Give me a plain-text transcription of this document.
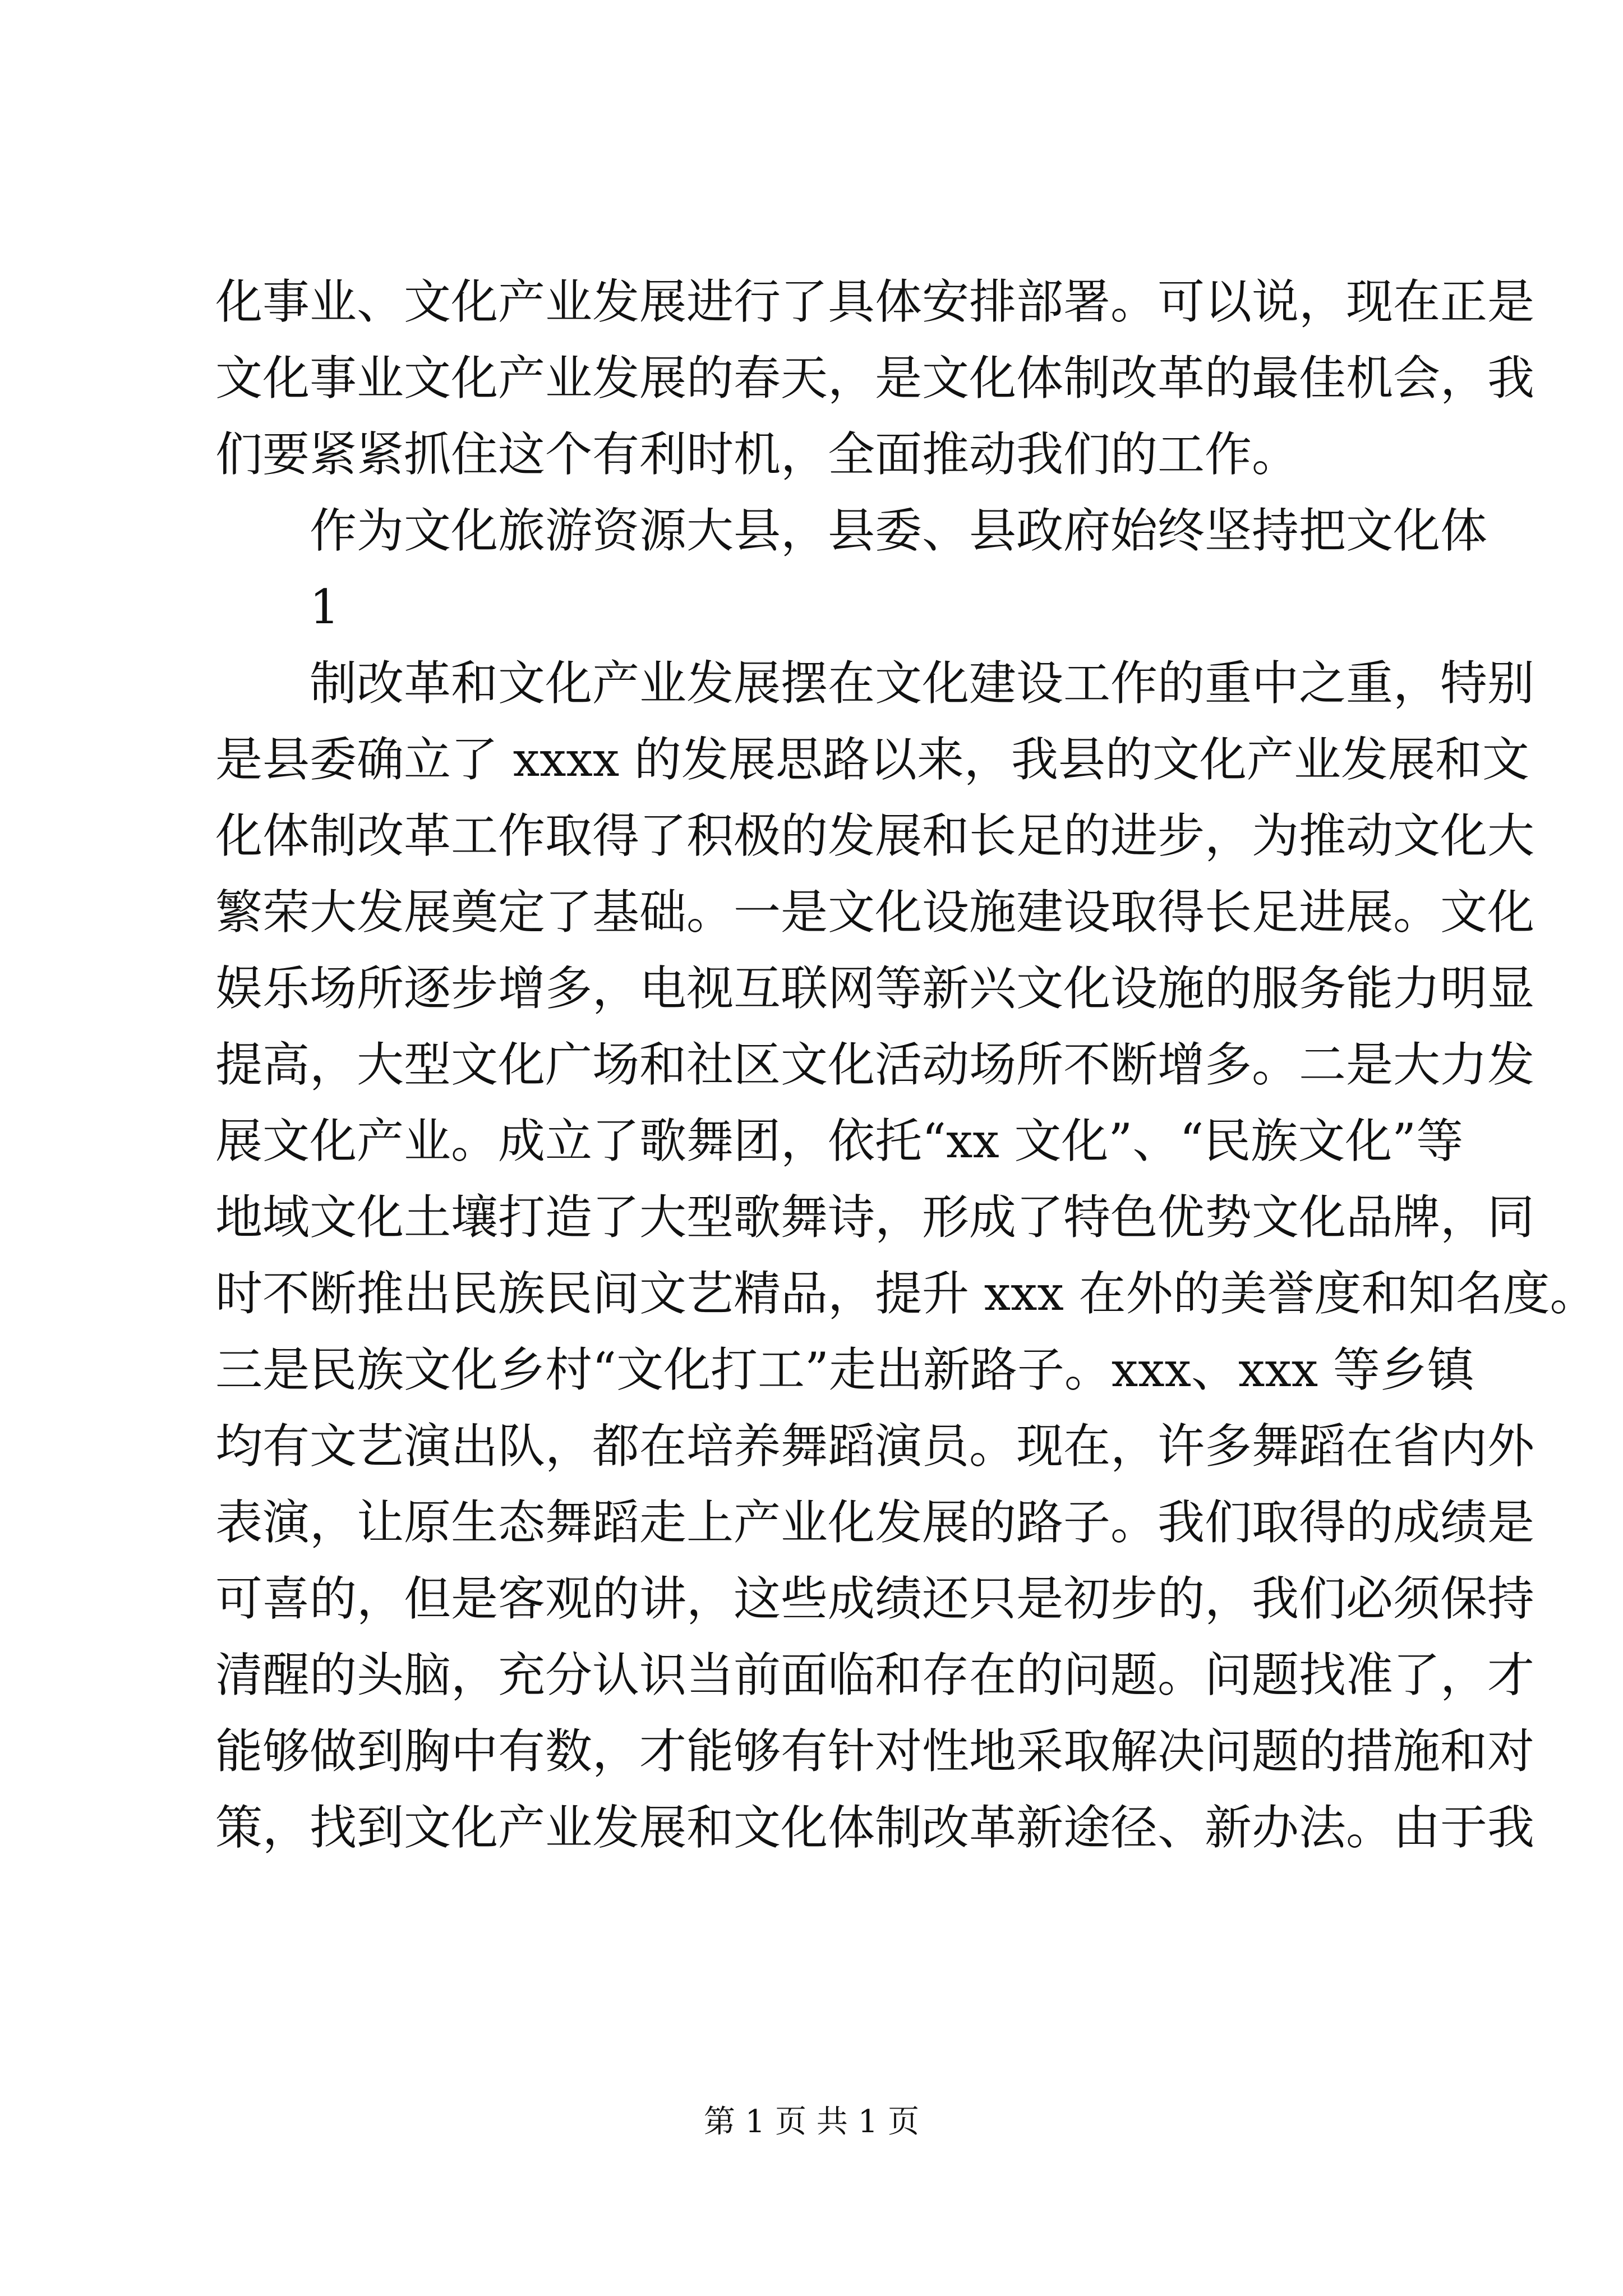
化事业、文化产业发展进行了具体安排部署。可以说，现在正是
文化事业文化产业发展的春天，是文化体制改革的最佳机会，我
们要紧紧抓住这个有利时机，全面推动我们的工作。
作为文化旅游资源大县，县委、县政府始终坚持把文化体
1
制改革和文化产业发展摆在文化建设工作的重中之重，特别
是县委确立了 xxxx 的发展思路以来，我县的文化产业发展和文
化体制改革工作取得了积极的发展和长足的进步，为推动文化大
繁荣大发展奠定了基础。一是文化设施建设取得长足进展。文化
娱乐场所逐步增多，电视互联网等新兴文化设施的服务能力明显
提高，大型文化广场和社区文化活动场所不断增多。二是大力发
展文化产业。成立了歌舞团，依托“xx 文化”、“民族文化”等
地域文化土壤打造了大型歌舞诗，形成了特色优势文化品牌，同
时不断推出民族民间文艺精品，提升 xxx 在外的美誉度和知名度。
三是民族文化乡村“文化打工”走出新路子。xxx、xxx 等乡镇
均有文艺演出队，都在培养舞蹈演员。现在，许多舞蹈在省内外
表演，让原生态舞蹈走上产业化发展的路子。我们取得的成绩是
可喜的，但是客观的讲，这些成绩还只是初步的，我们必须保持
清醒的头脑，充分认识当前面临和存在的问题。问题找准了，才
能够做到胸中有数，才能够有针对性地采取解决问题的措施和对
策，找到文化产业发展和文化体制改革新途径、新办法。由于我
第 1 页 共 1 页
